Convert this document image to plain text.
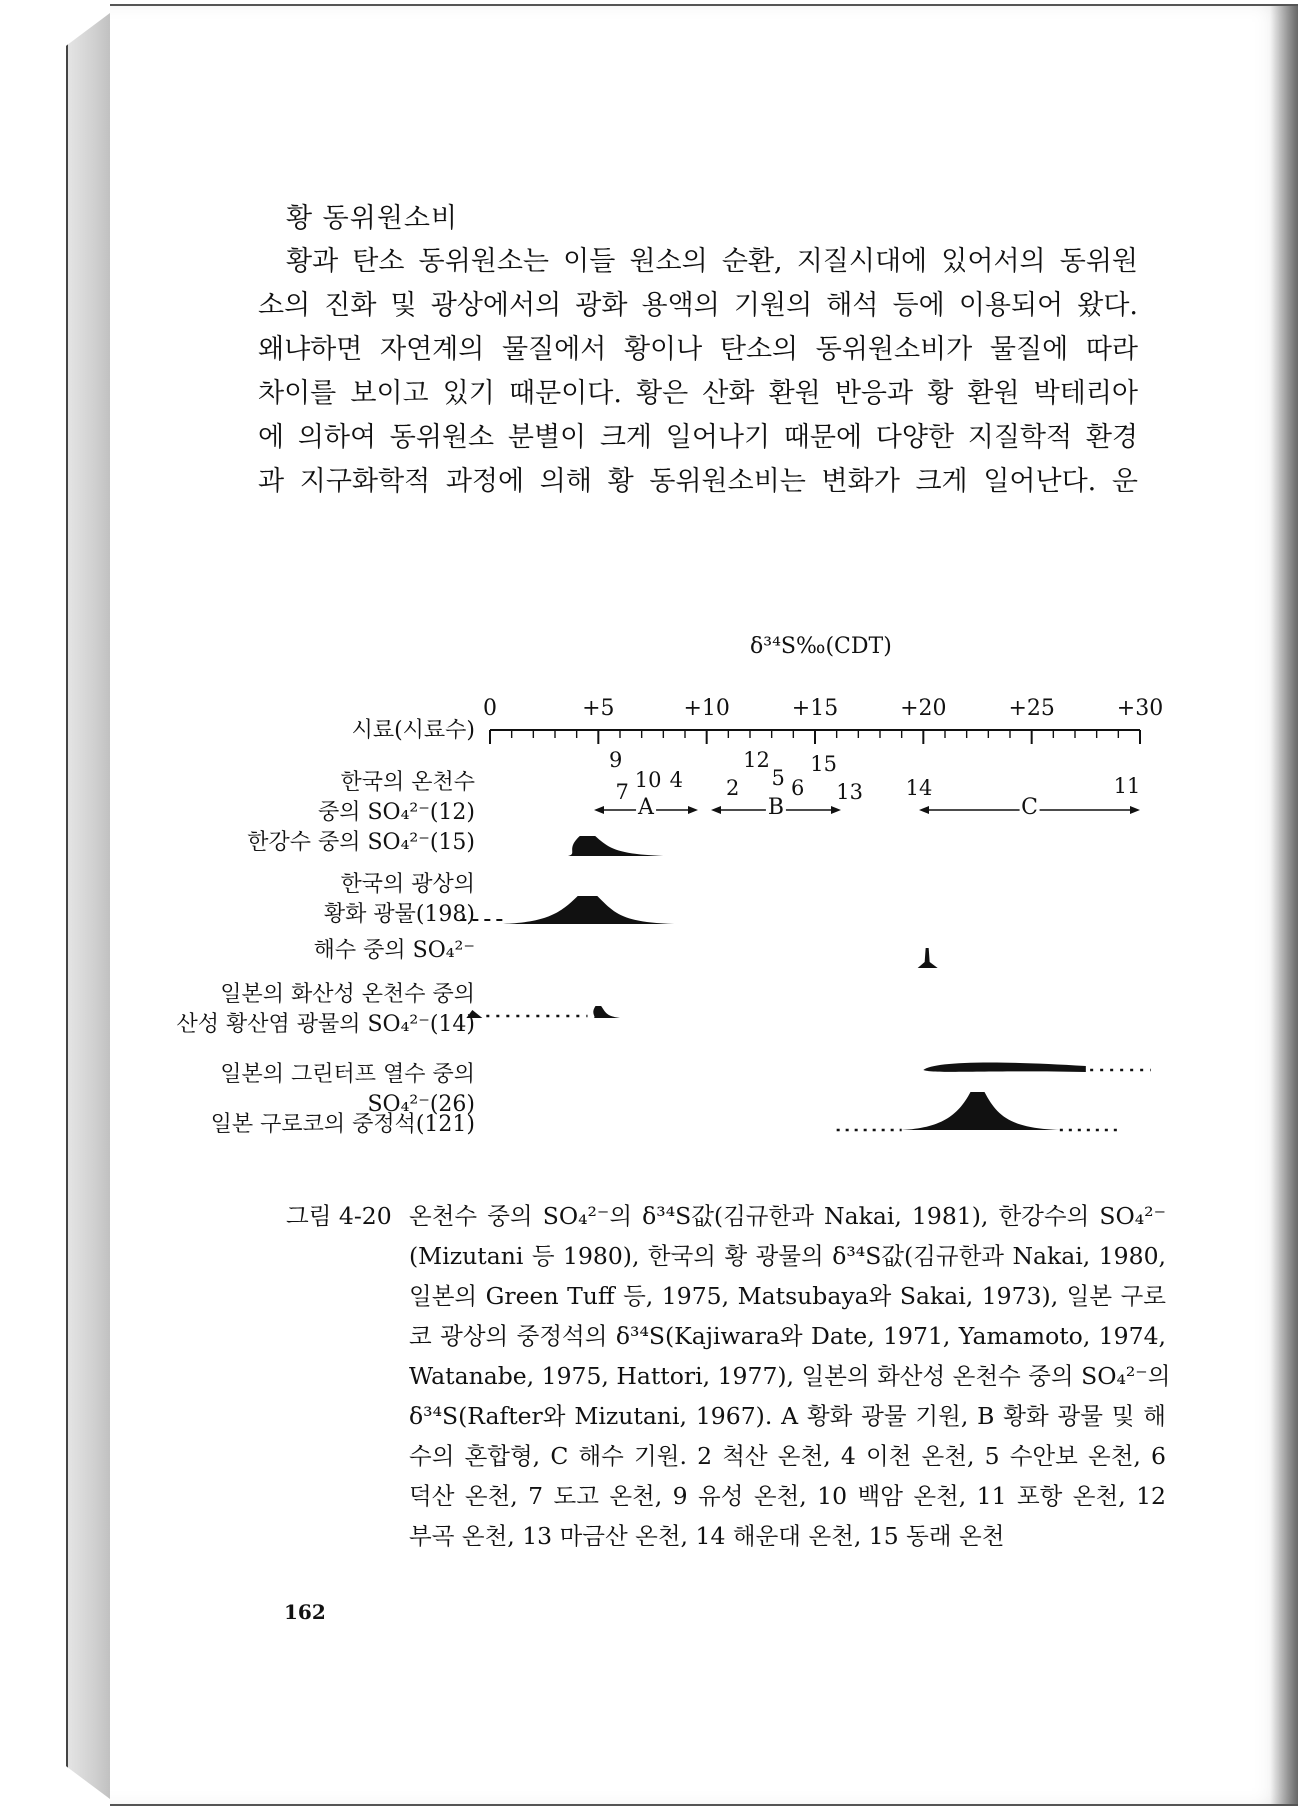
황 동위원소비
황과 탄소 동위원소는 이들 원소의 순환, 지질시대에 있어서의 동위원
소의 진화 및 광상에서의 광화 용액의 기원의 해석 등에 이용되어 왔다.
왜냐하면 자연계의 물질에서 황이나 탄소의 동위원소비가 물질에 따라
차이를 보이고 있기 때문이다. 황은 산화 환원 반응과 황 환원 박테리아
에 의하여 동위원소 분별이 크게 일어나기 때문에 다양한 지질학적 환경
과 지구화학적 과정에 의해 황 동위원소비는 변화가 크게 일어난다. 운
δ³⁴S‰(CDT)
0	+5	+10	+15	+20	+25	+30
시료(시료수)
한국의 온천수
중의 SO₄²⁻(12)
한강수 중의 SO₄²⁻(15)
한국의 광상의
황화 광물(198)
해수 중의 SO₄²⁻
일본의 화산성 온천수 중의
산성 황산염 광물의 SO₄²⁻(14)
일본의 그린터프 열수 중의
SO₄²⁻(26)
일본 구로코의 중정석(121)
9
7 10 4
12
2 5 6
15
13 14	11
A	B	C
그림 4-20 온천수 중의 SO₄²⁻의 δ³⁴S값(김규한과 Nakai, 1981), 한강수의 SO₄²⁻
(Mizutani 등 1980), 한국의 황 광물의 δ³⁴S값(김규한과 Nakai, 1980,
일본의 Green Tuff 등, 1975, Matsubaya와 Sakai, 1973), 일본 구로
코 광상의 중정석의 δ³⁴S(Kajiwara와 Date, 1971, Yamamoto, 1974,
Watanabe, 1975, Hattori, 1977), 일본의 화산성 온천수 중의 SO₄²⁻의
δ³⁴S(Rafter와 Mizutani, 1967). A 황화 광물 기원, B 황화 광물 및 해
수의 혼합형, C 해수 기원. 2 척산 온천, 4 이천 온천, 5 수안보 온천, 6
덕산 온천, 7 도고 온천, 9 유성 온천, 10 백암 온천, 11 포항 온천, 12
부곡 온천, 13 마금산 온천, 14 해운대 온천, 15 동래 온천
162
